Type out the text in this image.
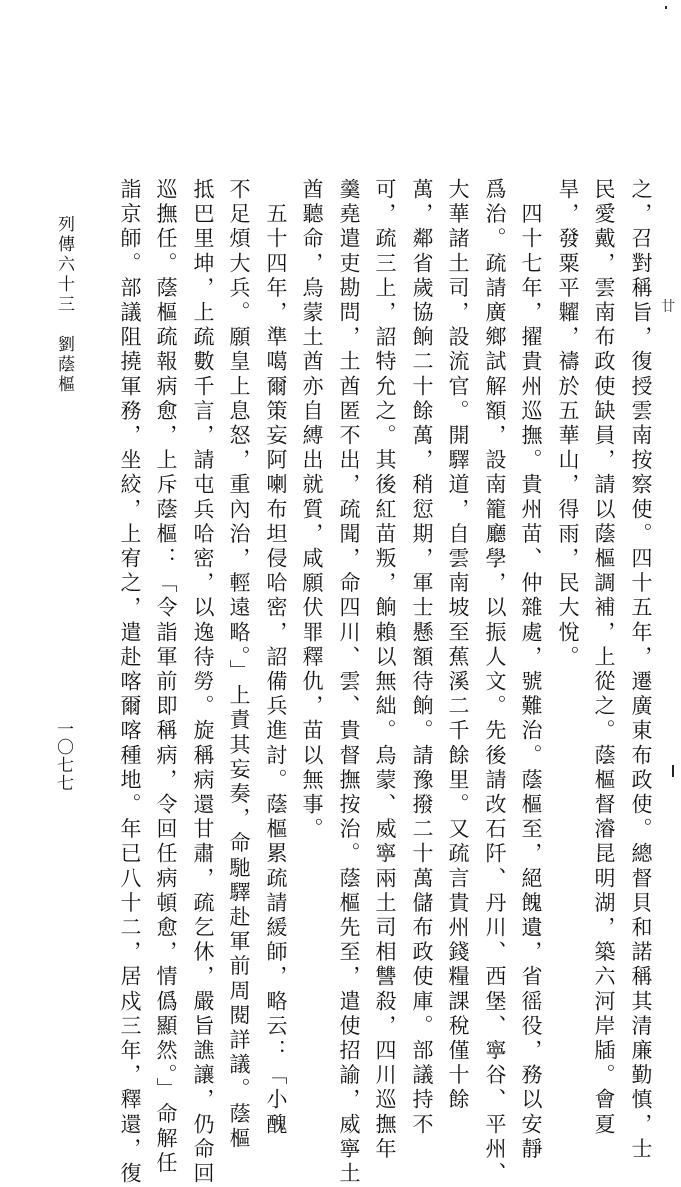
廿
之，召對稱旨，復授雲南按察使。四十五年，遷廣東布政使。總督貝和諾稱其清廉勤慎，士
民愛戴，雲南布政使缺員，請以蔭樞調補，上從之。蔭樞督濬昆明湖，築六河岸牐。會夏
旱，發粟平糶，禱於五華山，得雨，民大悅。
　四十七年，擢貴州巡撫。貴州苗、仲雜處，號難治。蔭樞至，絕餽遺，省徭役，務以安靜
爲治。疏請廣鄉試解額，設南籠廳學，以振人文。先後請改石阡、丹川、西堡、寧谷、平州、
大華諸土司，設流官。開驛道，自雲南坡至蕉溪二千餘里。又疏言貴州錢糧課稅僅十餘
萬，鄰省歲協餉二十餘萬，稍愆期，軍士懸額待餉。請豫撥二十萬儲布政使庫。部議持不
可，疏三上，詔特允之。其後紅苗叛，餉賴以無絀。烏蒙、威寧兩土司相讐殺，四川巡撫年
羹堯遣吏勘問，土酋匿不出，疏聞，命四川、雲、貴督撫按治。蔭樞先至，遣使招諭，威寧土
酋聽命，烏蒙土酋亦自縛出就質，咸願伏罪釋仇，苗以無事。
　五十四年，準噶爾策妄阿喇布坦侵哈密，詔備兵進討。蔭樞累疏請緩師，略云：「小醜
不足煩大兵。願皇上息怒，重內治，輕遠略。」上責其妄奏，命馳驛赴軍前周閱詳議。蔭樞
抵巴里坤，上疏數千言，請屯兵哈密，以逸待勞。旋稱病還甘肅，疏乞休，嚴旨譙讓，仍命回
巡撫任。蔭樞疏報病愈，上斥蔭樞：「令詣軍前即稱病，令回任病頓愈，情僞顯然。」命解任
詣京師。部議阻撓軍務，坐絞，上宥之，遣赴喀爾喀種地。年已八十二，居戍三年，釋還，復
列傳六十三　劉蔭樞
一〇七七
